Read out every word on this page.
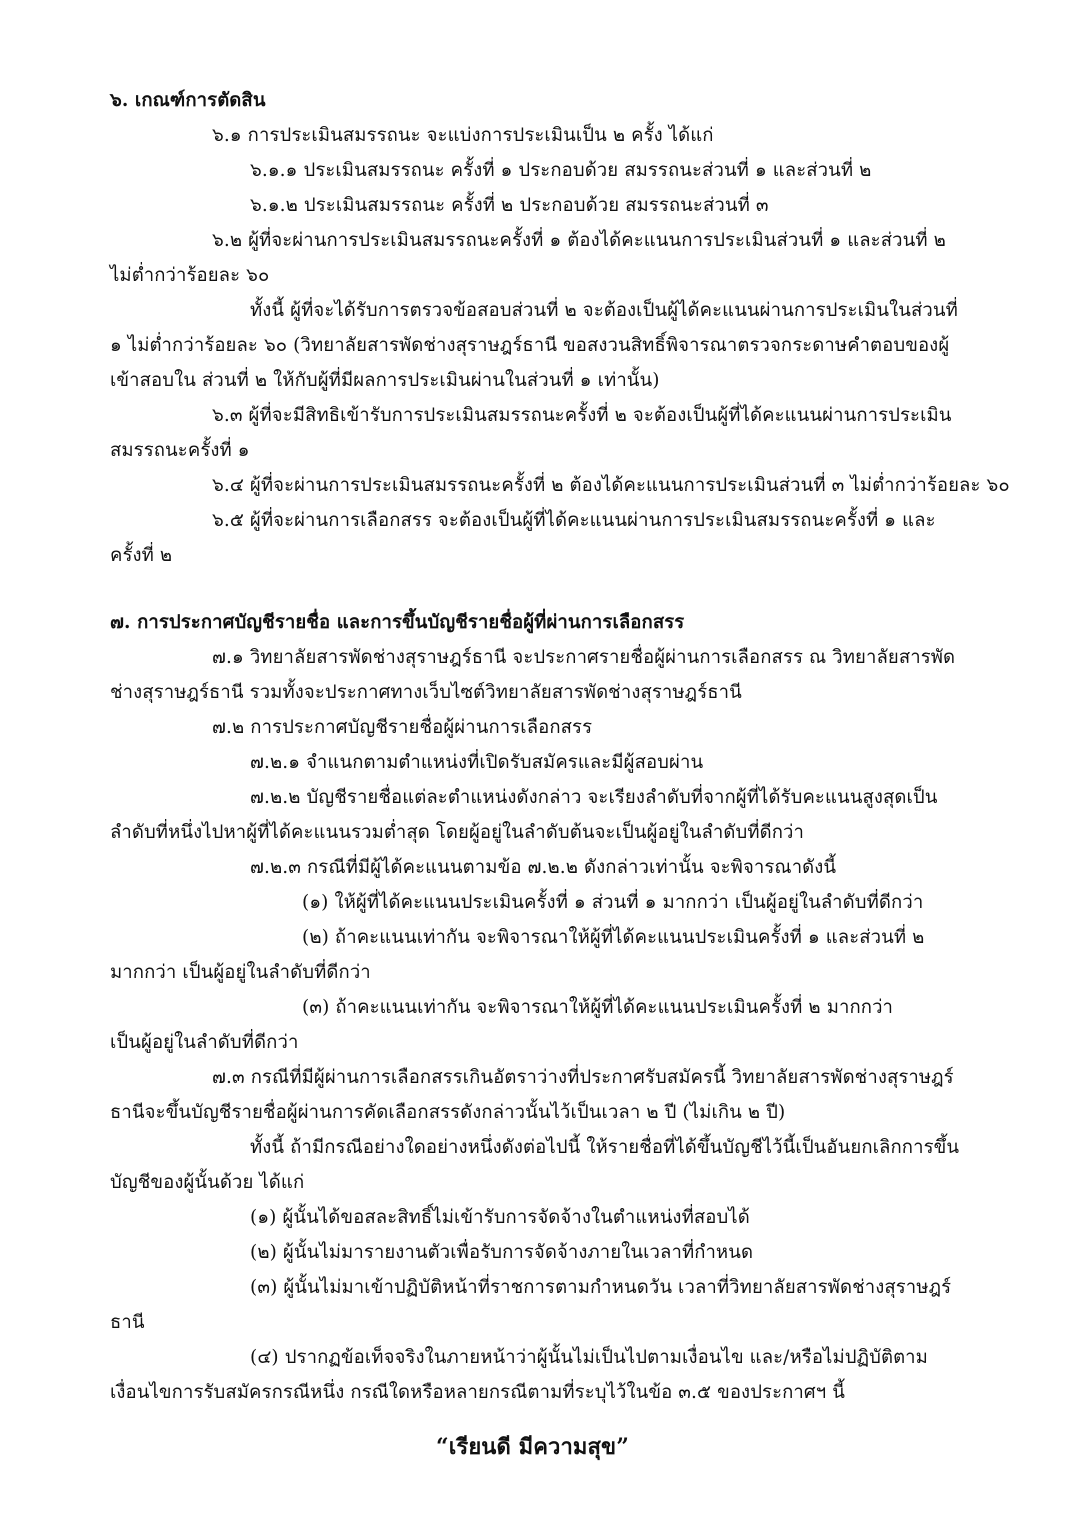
๖. เกณฑ์การตัดสิน
๖.๑ การประเมินสมรรถนะ จะแบ่งการประเมินเป็น ๒ ครั้ง ได้แก่
๖.๑.๑ ประเมินสมรรถนะ ครั้งที่ ๑ ประกอบด้วย สมรรถนะส่วนที่ ๑ และส่วนที่ ๒
๖.๑.๒ ประเมินสมรรถนะ ครั้งที่ ๒ ประกอบด้วย สมรรถนะส่วนที่ ๓
๖.๒ ผู้ที่จะผ่านการประเมินสมรรถนะครั้งที่ ๑ ต้องได้คะแนนการประเมินส่วนที่ ๑ และส่วนที่ ๒
ไม่ต่ำกว่าร้อยละ ๖๐
ทั้งนี้ ผู้ที่จะได้รับการตรวจข้อสอบส่วนที่ ๒ จะต้องเป็นผู้ได้คะแนนผ่านการประเมินในส่วนที่
๑ ไม่ต่ำกว่าร้อยละ ๖๐ (วิทยาลัยสารพัดช่างสุราษฎร์ธานี ขอสงวนสิทธิ์พิจารณาตรวจกระดาษคำตอบของผู้
เข้าสอบใน ส่วนที่ ๒ ให้กับผู้ที่มีผลการประเมินผ่านในส่วนที่ ๑ เท่านั้น)
๖.๓ ผู้ที่จะมีสิทธิเข้ารับการประเมินสมรรถนะครั้งที่ ๒ จะต้องเป็นผู้ที่ได้คะแนนผ่านการประเมิน
สมรรถนะครั้งที่ ๑
๖.๔ ผู้ที่จะผ่านการประเมินสมรรถนะครั้งที่ ๒ ต้องได้คะแนนการประเมินส่วนที่ ๓ ไม่ต่ำกว่าร้อยละ ๖๐
๖.๕ ผู้ที่จะผ่านการเลือกสรร จะต้องเป็นผู้ที่ได้คะแนนผ่านการประเมินสมรรถนะครั้งที่ ๑ และ
ครั้งที่ ๒
๗. การประกาศบัญชีรายชื่อ และการขึ้นบัญชีรายชื่อผู้ที่ผ่านการเลือกสรร
๗.๑ วิทยาลัยสารพัดช่างสุราษฎร์ธานี จะประกาศรายชื่อผู้ผ่านการเลือกสรร ณ วิทยาลัยสารพัด
ช่างสุราษฎร์ธานี รวมทั้งจะประกาศทางเว็บไซต์วิทยาลัยสารพัดช่างสุราษฎร์ธานี
๗.๒ การประกาศบัญชีรายชื่อผู้ผ่านการเลือกสรร
๗.๒.๑ จำแนกตามตำแหน่งที่เปิดรับสมัครและมีผู้สอบผ่าน
๗.๒.๒ บัญชีรายชื่อแต่ละตำแหน่งดังกล่าว จะเรียงลำดับที่จากผู้ที่ได้รับคะแนนสูงสุดเป็น
ลำดับที่หนึ่งไปหาผู้ที่ได้คะแนนรวมต่ำสุด โดยผู้อยู่ในลำดับต้นจะเป็นผู้อยู่ในลำดับที่ดีกว่า
๗.๒.๓ กรณีที่มีผู้ได้คะแนนตามข้อ ๗.๒.๒ ดังกล่าวเท่านั้น จะพิจารณาดังนี้
(๑) ให้ผู้ที่ได้คะแนนประเมินครั้งที่ ๑ ส่วนที่ ๑ มากกว่า เป็นผู้อยู่ในลำดับที่ดีกว่า
(๒) ถ้าคะแนนเท่ากัน จะพิจารณาให้ผู้ที่ได้คะแนนประเมินครั้งที่ ๑ และส่วนที่ ๒
มากกว่า เป็นผู้อยู่ในลำดับที่ดีกว่า
(๓) ถ้าคะแนนเท่ากัน จะพิจารณาให้ผู้ที่ได้คะแนนประเมินครั้งที่ ๒ มากกว่า
เป็นผู้อยู่ในลำดับที่ดีกว่า
๗.๓ กรณีที่มีผู้ผ่านการเลือกสรรเกินอัตราว่างที่ประกาศรับสมัครนี้ วิทยาลัยสารพัดช่างสุราษฎร์
ธานีจะขึ้นบัญชีรายชื่อผู้ผ่านการคัดเลือกสรรดังกล่าวนั้นไว้เป็นเวลา ๒ ปี (ไม่เกิน ๒ ปี)
ทั้งนี้ ถ้ามีกรณีอย่างใดอย่างหนึ่งดังต่อไปนี้ ให้รายชื่อที่ได้ขึ้นบัญชีไว้นี้เป็นอันยกเลิกการขึ้น
บัญชีของผู้นั้นด้วย ได้แก่
(๑) ผู้นั้นได้ขอสละสิทธิ์ไม่เข้ารับการจัดจ้างในตำแหน่งที่สอบได้
(๒) ผู้นั้นไม่มารายงานตัวเพื่อรับการจัดจ้างภายในเวลาที่กำหนด
(๓) ผู้นั้นไม่มาเข้าปฏิบัติหน้าที่ราชการตามกำหนดวัน เวลาที่วิทยาลัยสารพัดช่างสุราษฎร์
ธานี
(๔) ปรากฏข้อเท็จจริงในภายหน้าว่าผู้นั้นไม่เป็นไปตามเงื่อนไข และ/หรือไม่ปฏิบัติตาม
เงื่อนไขการรับสมัครกรณีหนึ่ง กรณีใดหรือหลายกรณีตามที่ระบุไว้ในข้อ ๓.๕ ของประกาศฯ นี้
“เรียนดี มีความสุข”
